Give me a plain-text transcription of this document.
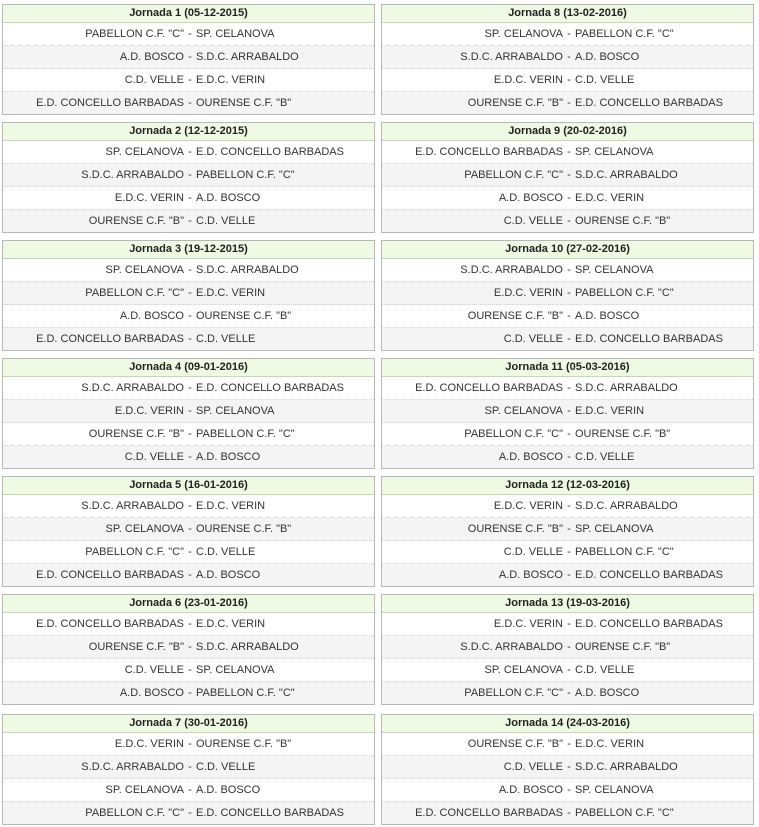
Jornada 1 (05-12-2015)
PABELLON C.F. "C" - SP. CELANOVA
A.D. BOSCO - S.D.C. ARRABALDO
C.D. VELLE - E.D.C. VERIN
E.D. CONCELLO BARBADAS - OURENSE C.F. "B"
Jornada 8 (13-02-2016)
SP. CELANOVA - PABELLON C.F. "C"
S.D.C. ARRABALDO - A.D. BOSCO
E.D.C. VERIN - C.D. VELLE
OURENSE C.F. "B" - E.D. CONCELLO BARBADAS
Jornada 2 (12-12-2015)
SP. CELANOVA - E.D. CONCELLO BARBADAS
S.D.C. ARRABALDO - PABELLON C.F. "C"
E.D.C. VERIN - A.D. BOSCO
OURENSE C.F. "B" - C.D. VELLE
Jornada 9 (20-02-2016)
E.D. CONCELLO BARBADAS - SP. CELANOVA
PABELLON C.F. "C" - S.D.C. ARRABALDO
A.D. BOSCO - E.D.C. VERIN
C.D. VELLE - OURENSE C.F. "B"
Jornada 3 (19-12-2015)
SP. CELANOVA - S.D.C. ARRABALDO
PABELLON C.F. "C" - E.D.C. VERIN
A.D. BOSCO - OURENSE C.F. "B"
E.D. CONCELLO BARBADAS - C.D. VELLE
Jornada 10 (27-02-2016)
S.D.C. ARRABALDO - SP. CELANOVA
E.D.C. VERIN - PABELLON C.F. "C"
OURENSE C.F. "B" - A.D. BOSCO
C.D. VELLE - E.D. CONCELLO BARBADAS
Jornada 4 (09-01-2016)
S.D.C. ARRABALDO - E.D. CONCELLO BARBADAS
E.D.C. VERIN - SP. CELANOVA
OURENSE C.F. "B" - PABELLON C.F. "C"
C.D. VELLE - A.D. BOSCO
Jornada 11 (05-03-2016)
E.D. CONCELLO BARBADAS - S.D.C. ARRABALDO
SP. CELANOVA - E.D.C. VERIN
PABELLON C.F. "C" - OURENSE C.F. "B"
A.D. BOSCO - C.D. VELLE
Jornada 5 (16-01-2016)
S.D.C. ARRABALDO - E.D.C. VERIN
SP. CELANOVA - OURENSE C.F. "B"
PABELLON C.F. "C" - C.D. VELLE
E.D. CONCELLO BARBADAS - A.D. BOSCO
Jornada 12 (12-03-2016)
E.D.C. VERIN - S.D.C. ARRABALDO
OURENSE C.F. "B" - SP. CELANOVA
C.D. VELLE - PABELLON C.F. "C"
A.D. BOSCO - E.D. CONCELLO BARBADAS
Jornada 6 (23-01-2016)
E.D. CONCELLO BARBADAS - E.D.C. VERIN
OURENSE C.F. "B" - S.D.C. ARRABALDO
C.D. VELLE - SP. CELANOVA
A.D. BOSCO - PABELLON C.F. "C"
Jornada 13 (19-03-2016)
E.D.C. VERIN - E.D. CONCELLO BARBADAS
S.D.C. ARRABALDO - OURENSE C.F. "B"
SP. CELANOVA - C.D. VELLE
PABELLON C.F. "C" - A.D. BOSCO
Jornada 7 (30-01-2016)
E.D.C. VERIN - OURENSE C.F. "B"
S.D.C. ARRABALDO - C.D. VELLE
SP. CELANOVA - A.D. BOSCO
PABELLON C.F. "C" - E.D. CONCELLO BARBADAS
Jornada 14 (24-03-2016)
OURENSE C.F. "B" - E.D.C. VERIN
C.D. VELLE - S.D.C. ARRABALDO
A.D. BOSCO - SP. CELANOVA
E.D. CONCELLO BARBADAS - PABELLON C.F. "C"
